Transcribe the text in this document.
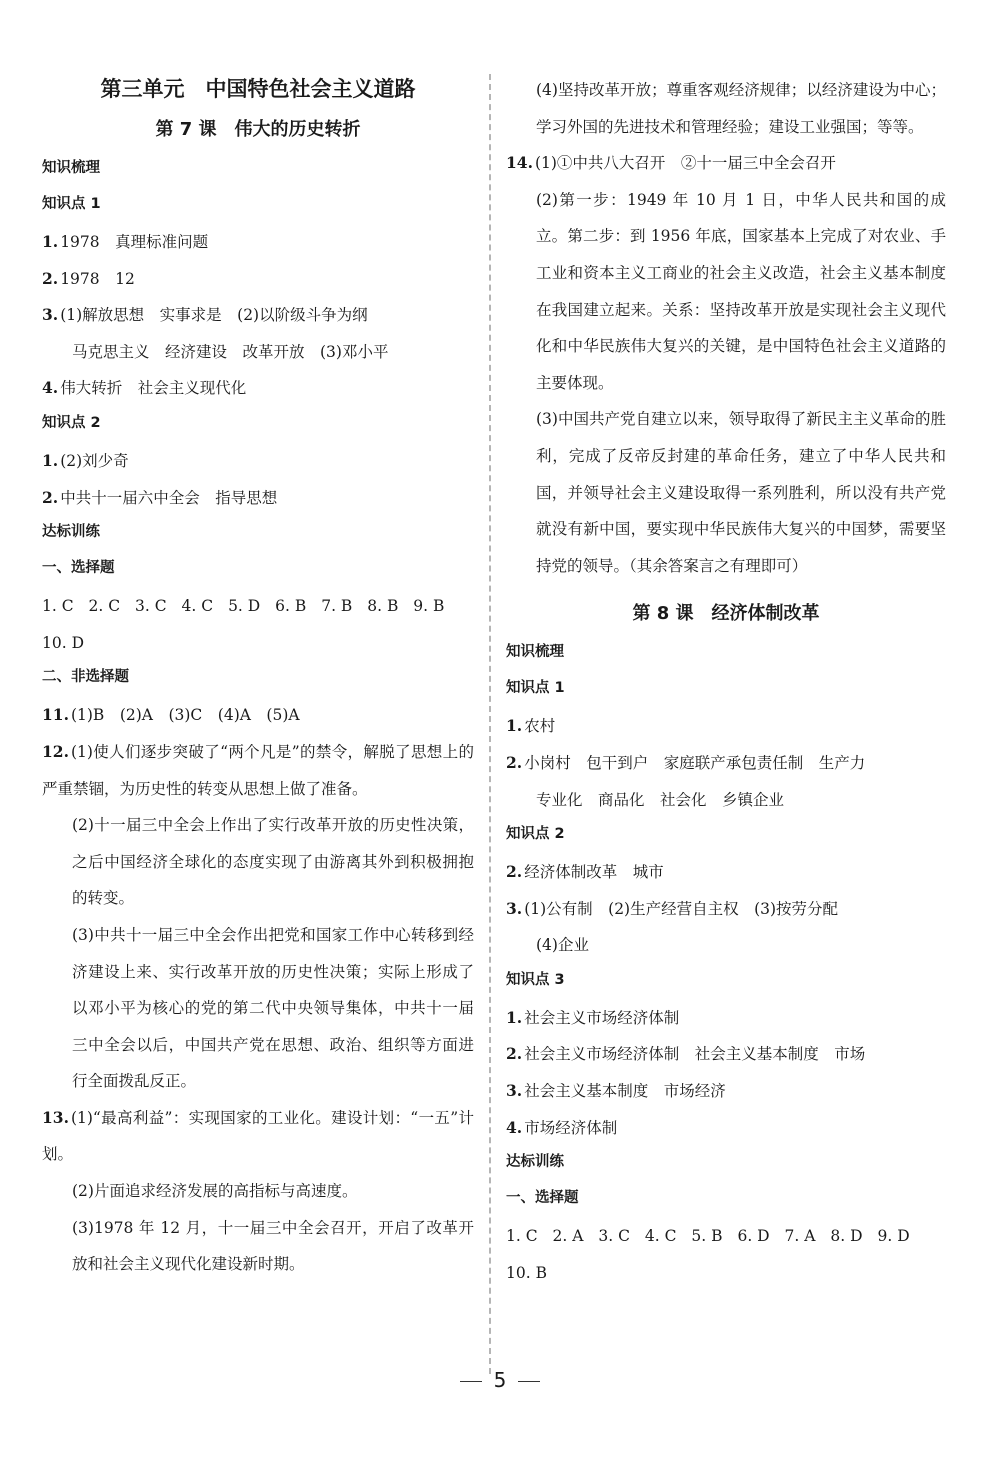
第三单元　中国特色社会主义道路
第 7 课　伟大的历史转折
知识梳理
知识点 1
1. 1978　真理标准问题
2. 1978　12
3. (1)解放思想　实事求是　(2)以阶级斗争为纲
马克思主义　经济建设　改革开放　(3)邓小平
4. 伟大转折　社会主义现代化
知识点 2
1. (2)刘少奇
2. 中共十一届六中全会　指导思想
达标训练
一、选择题
1. C 2. C 3. C 4. C 5. D 6. B 7. B 8. B 9. B
10. D
二、非选择题
11. (1)B　(2)A　(3)C　(4)A　(5)A
12. (1)使人们逐步突破了“两个凡是”的禁令，解脱了思想上的严重禁锢，为历史性的转变从思想上做了准备。
(2)十一届三中全会上作出了实行改革开放的历史性决策，之后中国经济全球化的态度实现了由游离其外到积极拥抱的转变。
(3)中共十一届三中全会作出把党和国家工作中心转移到经济建设上来、实行改革开放的历史性决策；实际上形成了以邓小平为核心的党的第二代中央领导集体，中共十一届三中全会以后，中国共产党在思想、政治、组织等方面进行全面拨乱反正。
13. (1)“最高利益”：实现国家的工业化。建设计划：“一五”计划。
(2)片面追求经济发展的高指标与高速度。
(3)1978 年 12 月，十一届三中全会召开，开启了改革开放和社会主义现代化建设新时期。
(4)坚持改革开放；尊重客观经济规律；以经济建设为中心；学习外国的先进技术和管理经验；建设工业强国；等等。
14. (1)①中共八大召开　②十一届三中全会召开
(2)第一步：1949 年 10 月 1 日，中华人民共和国的成立。第二步：到 1956 年底，国家基本上完成了对农业、手工业和资本主义工商业的社会主义改造，社会主义基本制度在我国建立起来。关系：坚持改革开放是实现社会主义现代化和中华民族伟大复兴的关键，是中国特色社会主义道路的主要体现。
(3)中国共产党自建立以来，领导取得了新民主主义革命的胜利，完成了反帝反封建的革命任务，建立了中华人民共和国，并领导社会主义建设取得一系列胜利，所以没有共产党就没有新中国，要实现中华民族伟大复兴的中国梦，需要坚持党的领导。（其余答案言之有理即可）
第 8 课　经济体制改革
知识梳理
知识点 1
1. 农村
2. 小岗村　包干到户　家庭联产承包责任制　生产力
专业化　商品化　社会化　乡镇企业
知识点 2
2. 经济体制改革　城市
3. (1)公有制　(2)生产经营自主权　(3)按劳分配
(4)企业
知识点 3
1. 社会主义市场经济体制
2. 社会主义市场经济体制　社会主义基本制度　市场
3. 社会主义基本制度　市场经济
4. 市场经济体制
达标训练
一、选择题
1. C 2. A 3. C 4. C 5. B 6. D 7. A 8. D 9. D
10. B
5
